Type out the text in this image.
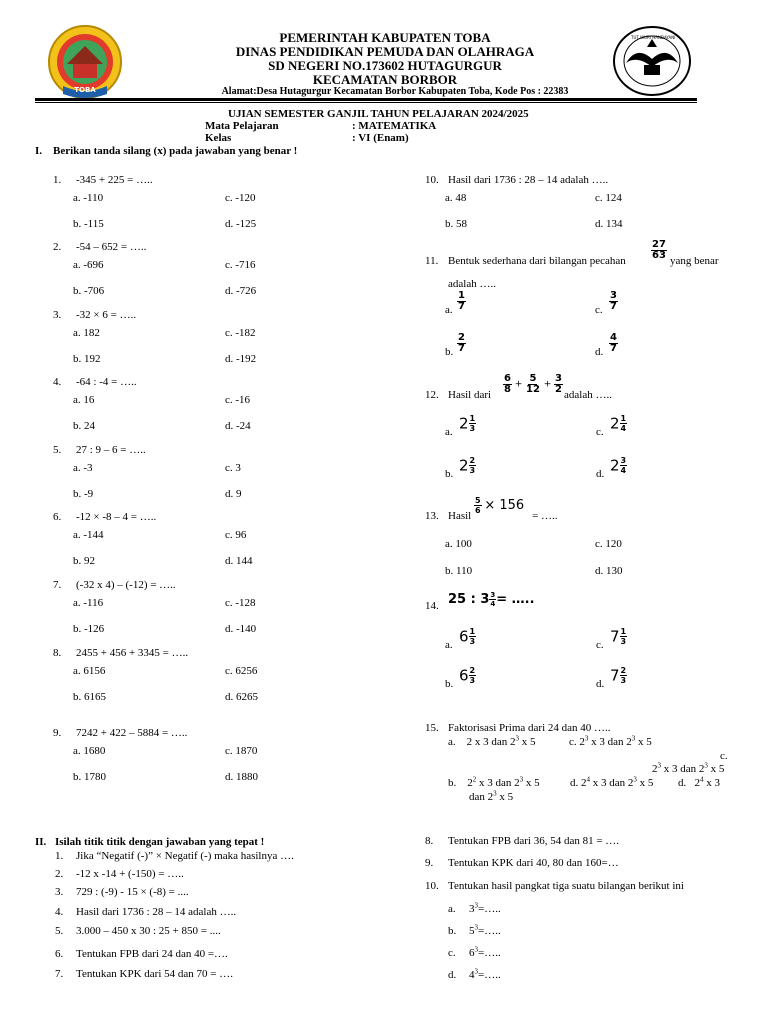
TOBA
TUT WURI HANDAYANI
PEMERINTAH KABUPATEN TOBA
DINAS PENDIDIKAN PEMUDA DAN OLAHRAGA
SD NEGERI NO.173602 HUTAGURGUR
KECAMATAN BORBOR
Alamat:Desa Hutagurgur Kecamatan Borbor Kabupaten Toba, Kode Pos : 22383
UJIAN SEMESTER GANJIL TAHUN PELAJARAN 2024/2025
Mata Pelajaran	: MATEMATIKA
Kelas	: VI (Enam)
I. Berikan tanda silang (x) pada jawaban yang benar !
1. -345 + 225 = …..
a. -110	c. -120
b. -115	d. -125
2. -54 – 652 = …..
a. -696	c. -716
b. -706	d. -726
3. -32 × 6 = …..
a. 182	c. -182
b. 192	d. -192
4. -64 : -4 = …..
a. 16	c. -16
b. 24	d. -24
5. 27 : 9 – 6 = …..
a. -3	c. 3
b. -9	d. 9
6. -12 × -8 – 4 = …..
a. -144	c. 96
b. 92	d. 144
7. (-32 x 4) – (-12) = …..
a. -116	c. -128
b. -126	d. -140
8. 2455 + 456 + 3345 = …..
a. 6156	c. 6256
b. 6165	d. 6265
9. 7242 + 422 – 5884 = …..
a. 1680	c. 1870
b. 1780	d. 1880
10. Hasil dari 1736 : 28 – 14 adalah …..
a. 48	c. 124
b. 58	d. 134
11. Bentuk sederhana dari bilangan pecahan	$\frac{27}{63}$ yang benar
adalah …..
a. $\frac{1}{7}$	c. $\frac{3}{7}$
b. $\frac{2}{7}$	d. $\frac{4}{7}$
12. Hasil dari $\frac{6}{8} + \frac{5}{12} + \frac{3}{2}$ adalah …..
a. $2 \frac{1}{3}$	c. $2 \frac{1}{4}$
b. $2 \frac{2}{3}$	d. $2 \frac{3}{4}$
13. Hasil
$\frac{5}{6} \times 156$
= …..
a. 100	c. 120
b. 110	d. 130
14. 25 : $3 \frac{3}{4}$ = …..
a. $6 \frac{1}{3}$	c. $7 \frac{1}{3}$
b. $6 \frac{2}{3}$	d. $7 \frac{2}{3}$
15. Faktorisasi Prima dari 24 dan 40 …..
a. 2 x 3 dan $2^3$ x 5	c. $2^3$ x 3 dan $2^3$ x 5
c.
$2^3$ x 3 dan $2^3$ x 5
b. $2^2$ x 3 dan $2^3$ x 5	d. $2^4$ x 3 dan $2^3$ x 5 d. $2^4$ x 3
dan $2^3$ x 5
II. Isilah titik titik dengan jawaban yang tepat !
1. Jika “Negatif (-)” × Negatif (-) maka hasilnya ….
2. -12 x -14 + (-150) = …..
3. 729 : (-9) - 15 × (-8) = ....
4. Hasil dari 1736 : 28 – 14 adalah …..
5. 3.000 – 450 x 30 : 25 + 850 = ....
6. Tentukan FPB dari 24 dan 40 =….
7. Tentukan KPK dari 54 dan 70 = ….
8. Tentukan FPB dari 36, 54 dan 81 = ….
9. Tentukan KPK dari 40, 80 dan 160=…
10. Tentukan hasil pangkat tiga suatu bilangan berikut ini
a. $3^3=\dots$..
b. $5^3=\dots$..
c. $6^3=\dots$..
d. $4^3=\dots$..
